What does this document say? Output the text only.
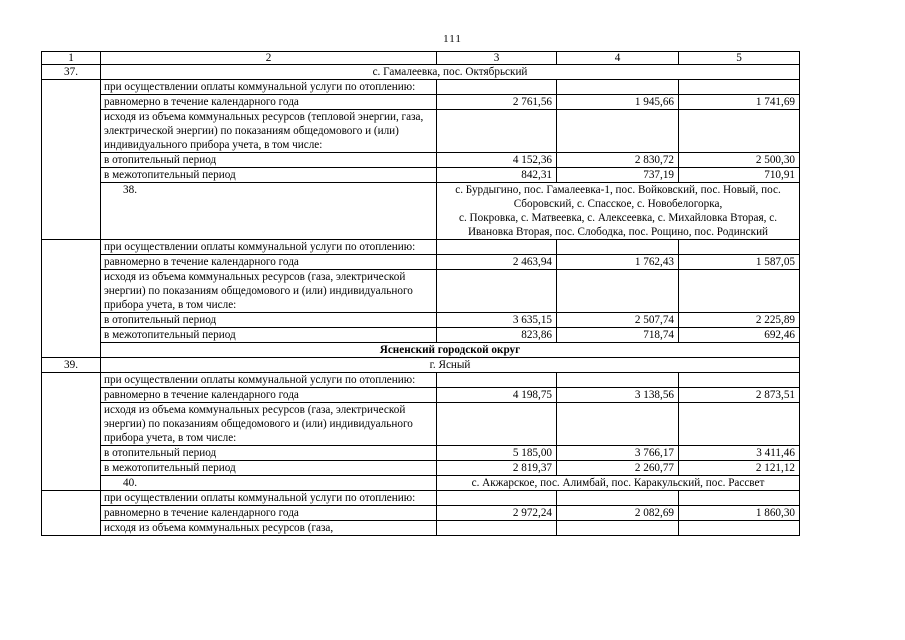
111
1	2	3	4	5
37.	с. Гамалеевка, пос. Октябрьский			
	при осуществлении оплаты коммунальной услуги по отоплению:			
	равномерно в течение календарного года	2 761,56	1 945,66	1 741,69
	исходя из объема коммунальных ресурсов (тепловой энергии, газа, электрической энергии) по показаниям общедомового и (или) индивидуального прибора учета, в том числе:			
	в отопительный период	4 152,36	2 830,72	2 500,30
	в межотопительный период	842,31	737,19	710,91
	38.	с. Бурдыгино, пос. Гамалеевка-1, пос. Войковский, пос. Новый, пос. Сборовский, с. Спасское, с. Новобелогорка,
с. Покровка, с. Матвеевка, с. Алексеевка, с. Михайловка Вторая, с. Ивановка Вторая, пос. Слободка, пос. Рощино, пос. Родинский		

	при осуществлении оплаты коммунальной услуги по отоплению:			
	равномерно в течение календарного года	2 463,94	1 762,43	1 587,05
	исходя из объема коммунальных ресурсов (газа, электрической энергии) по показаниям общедомового и (или) индивидуального прибора учета, в том числе:			
	в отопительный период	3 635,15	2 507,74	2 225,89
	в межотопительный период	823,86	718,74	692,46
	Ясненский городской округ			
39.	г. Ясный			
	при осуществлении оплаты коммунальной услуги по отоплению:			
	равномерно в течение календарного года	4 198,75	3 138,56	2 873,51
	исходя из объема коммунальных ресурсов (газа, электрической энергии) по показаниям общедомового и (или) индивидуального прибора учета, в том числе:			
	в отопительный период	5 185,00	3 766,17	3 411,46
	в межотопительный период	2 819,37	2 260,77	2 121,12
	40.	с. Акжарское, пос. Алимбай, пос. Каракульский, пос. Рассвет		
	при осуществлении оплаты коммунальной услуги по отоплению:			
	равномерно в течение календарного года	2 972,24	2 082,69	1 860,30
	исходя из объема коммунальных ресурсов (газа,			
